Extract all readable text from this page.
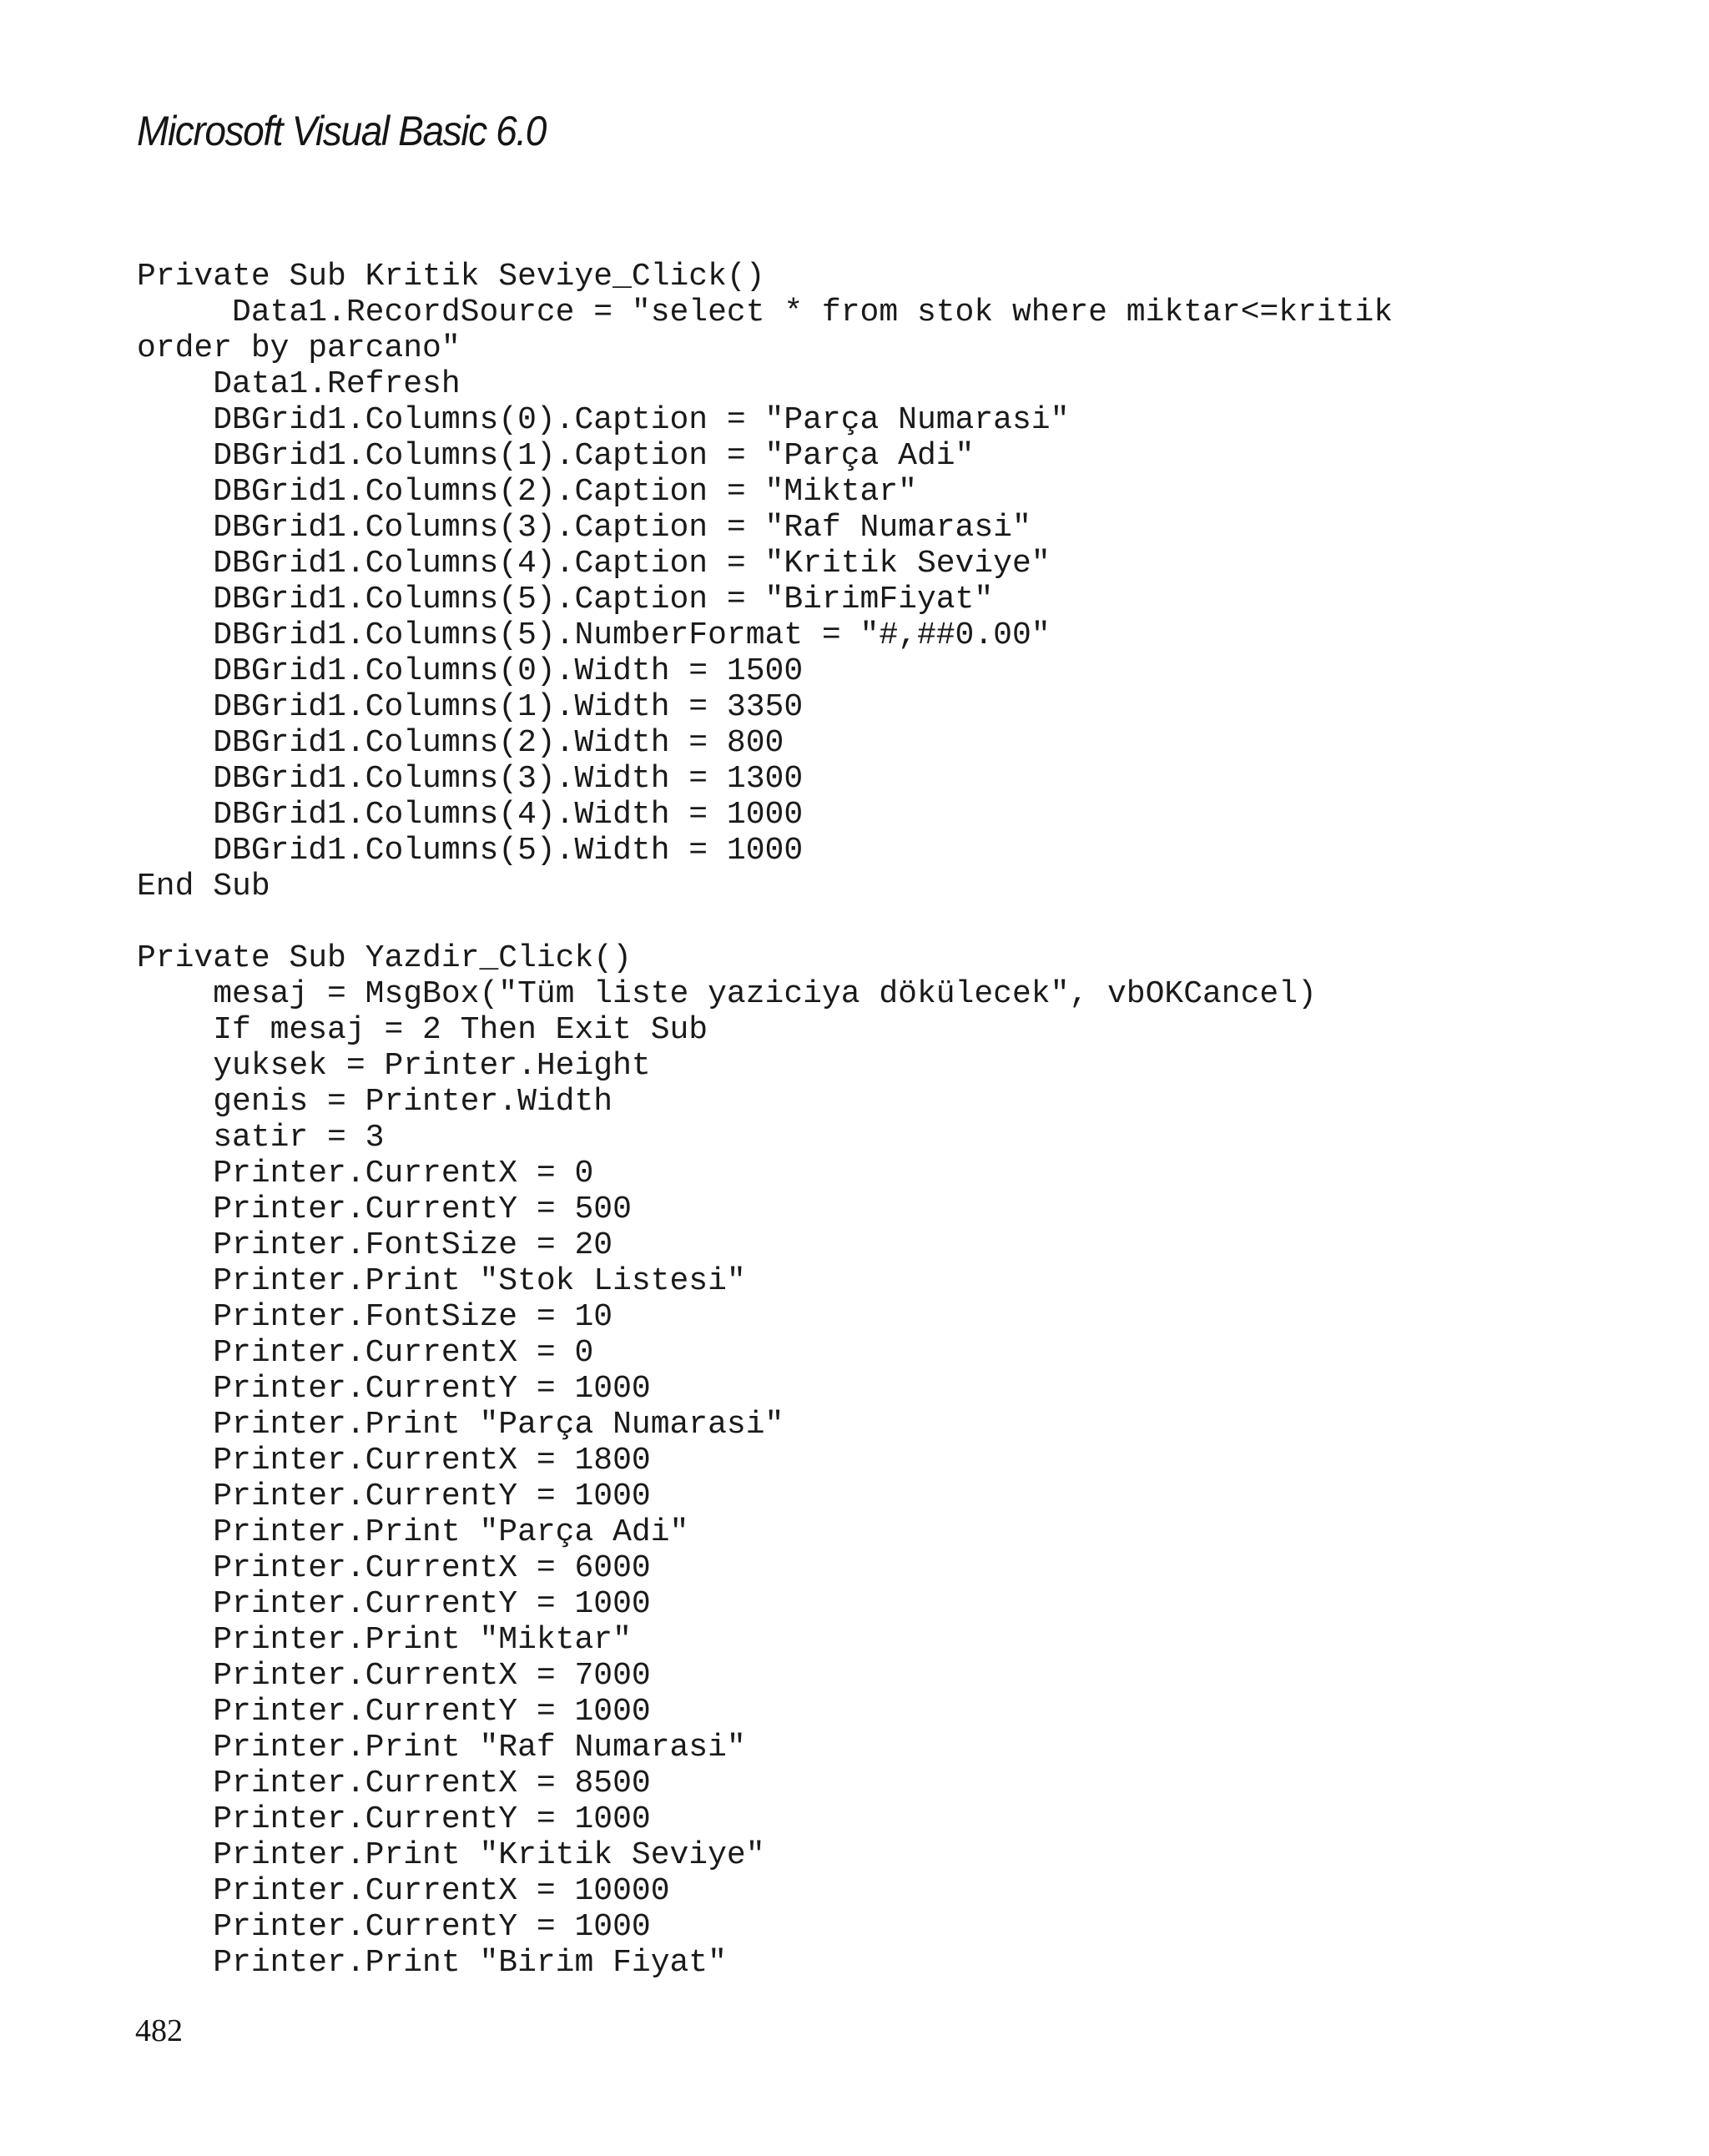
Microsoft Visual Basic 6.0
Private Sub Kritik Seviye_Click()
Data1.RecordSource = "select * from stok where miktar<=kritik
order by parcano"
Data1.Refresh
DBGrid1.Columns(0).Caption = "Parça Numarasi"
DBGrid1.Columns(1).Caption = "Parça Adi"
DBGrid1.Columns(2).Caption = "Miktar"
DBGrid1.Columns(3).Caption = "Raf Numarasi"
DBGrid1.Columns(4).Caption = "Kritik Seviye"
DBGrid1.Columns(5).Caption = "BirimFiyat"
DBGrid1.Columns(5).NumberFormat = "#,##0.00"
DBGrid1.Columns(0).Width = 1500
DBGrid1.Columns(1).Width = 3350
DBGrid1.Columns(2).Width = 800
DBGrid1.Columns(3).Width = 1300
DBGrid1.Columns(4).Width = 1000
DBGrid1.Columns(5).Width = 1000
End Sub
Private Sub Yazdir_Click()
mesaj = MsgBox("Tüm liste yaziciya dökülecek", vbOKCancel)
If mesaj = 2 Then Exit Sub
yuksek = Printer.Height
genis = Printer.Width
satir = 3
Printer.CurrentX = 0
Printer.CurrentY = 500
Printer.FontSize = 20
Printer.Print "Stok Listesi"
Printer.FontSize = 10
Printer.CurrentX = 0
Printer.CurrentY = 1000
Printer.Print "Parça Numarasi"
Printer.CurrentX = 1800
Printer.CurrentY = 1000
Printer.Print "Parça Adi"
Printer.CurrentX = 6000
Printer.CurrentY = 1000
Printer.Print "Miktar"
Printer.CurrentX = 7000
Printer.CurrentY = 1000
Printer.Print "Raf Numarasi"
Printer.CurrentX = 8500
Printer.CurrentY = 1000
Printer.Print "Kritik Seviye"
Printer.CurrentX = 10000
Printer.CurrentY = 1000
Printer.Print "Birim Fiyat"
482
